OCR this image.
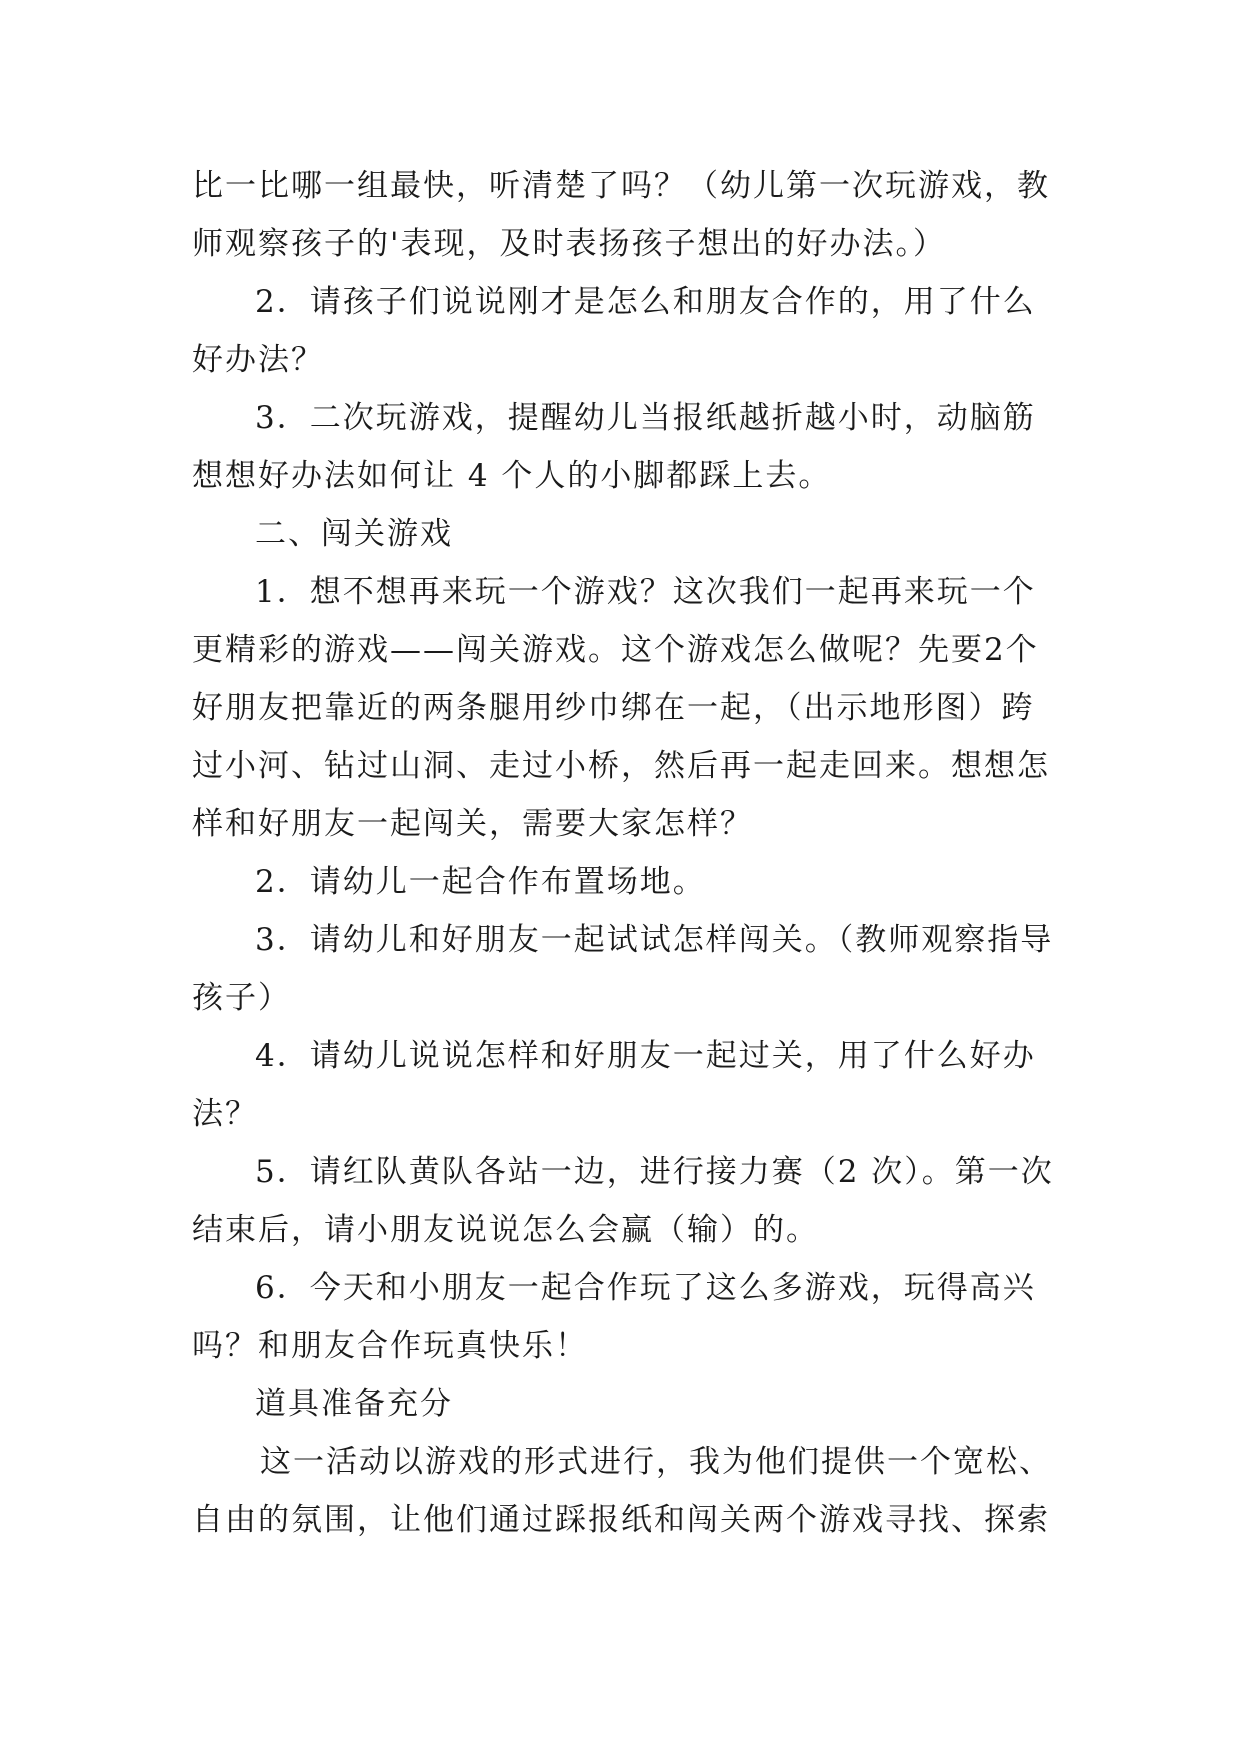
比一比哪一组最快，听清楚了吗？（幼儿第一次玩游戏，教
师观察孩子的'表现，及时表扬孩子想出的好办法。）
2．请孩子们说说刚才是怎么和朋友合作的，用了什么
好办法？
3．二次玩游戏，提醒幼儿当报纸越折越小时，动脑筋
想想好办法如何让 4 个人的小脚都踩上去。
二、闯关游戏
1．想不想再来玩一个游戏？这次我们一起再来玩一个
更精彩的游戏——闯关游戏。这个游戏怎么做呢？先要2个
好朋友把靠近的两条腿用纱巾绑在一起，（出示地形图）跨
过小河、钻过山洞、走过小桥，然后再一起走回来。想想怎
样和好朋友一起闯关，需要大家怎样？
2．请幼儿一起合作布置场地。
3．请幼儿和好朋友一起试试怎样闯关。（教师观察指导
孩子）
4．请幼儿说说怎样和好朋友一起过关，用了什么好办
法？
5．请红队黄队各站一边，进行接力赛（2 次）。第一次
结束后，请小朋友说说怎么会赢（输）的。
6．今天和小朋友一起合作玩了这么多游戏，玩得高兴
吗？和朋友合作玩真快乐！
道具准备充分
这一活动以游戏的形式进行，我为他们提供一个宽松、
自由的氛围，让他们通过踩报纸和闯关两个游戏寻找、探索
